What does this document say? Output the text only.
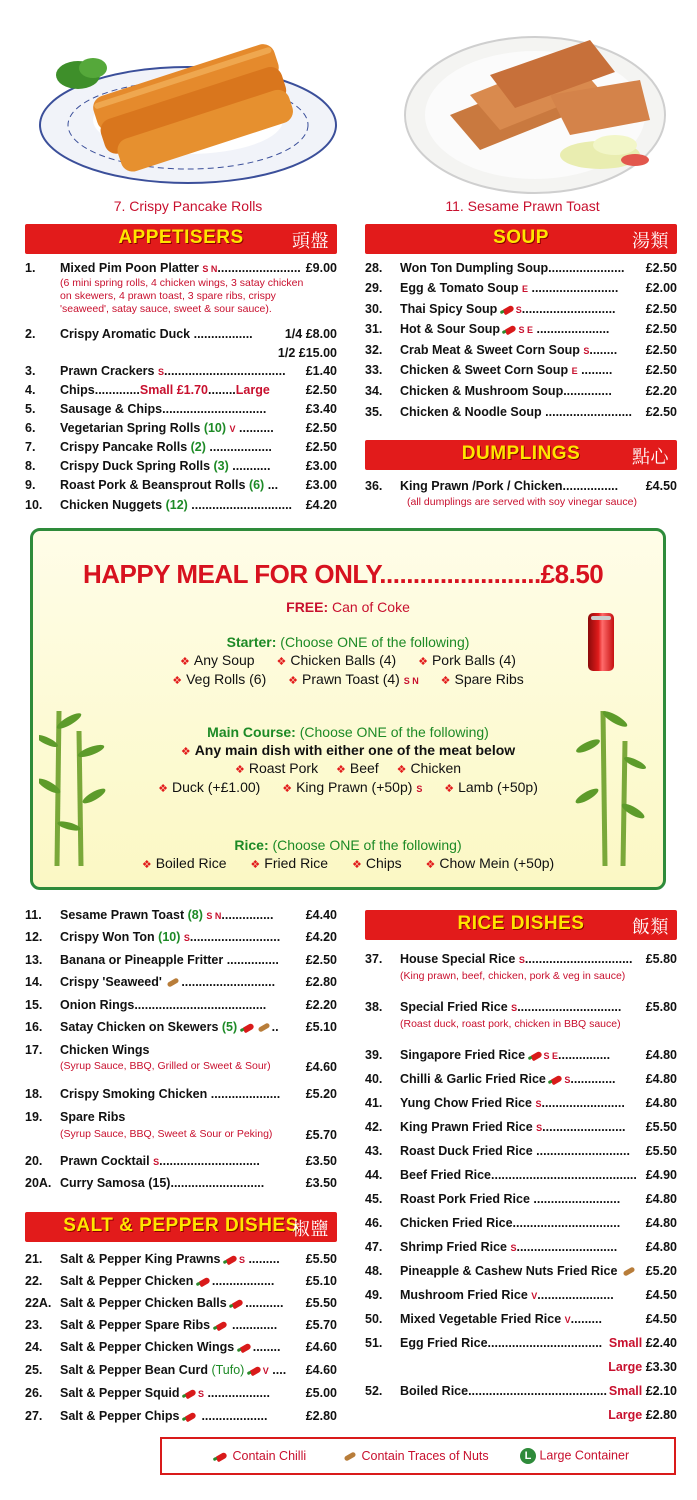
7. Crispy Pancake Rolls	11. Sesame Prawn Toast
APPETISERS	頭盤
1. Mixed Pim Poon Platter S N........................ £9.00
(6 mini spring rolls, 4 chicken wings, 3 satay chicken on skewers, 4 prawn toast, 3 spare ribs, crispy 'seaweed', satay sauce, sweet & sour sauce).
2. Crispy Aromatic Duck .................	1/4 £8.00
1/2 £15.00
3. Prawn Crackers S................................... £1.40
4. Chips.............Small £1.70........Large	£2.50
5. Sausage & Chips..............................	£3.40
6. Vegetarian Spring Rolls (10) V ..........	£2.50
7. Crispy Pancake Rolls (2) ..................	£2.50
8. Crispy Duck Spring Rolls (3) ...........	£3.00
9. Roast Pork & Beansprout Rolls (6) ... £3.00
10. Chicken Nuggets (12) ............................. £4.20
SOUP	湯類
28. Won Ton Dumpling Soup...................... £2.50
29. Egg & Tomato Soup E ......................... £2.00
30. Thai Spicy Soup S........................... £2.50
31. Hot & Sour Soup S E .....................	£2.50
32. Crab Meat & Sweet Corn Soup S........ £2.50
33. Chicken & Sweet Corn Soup E .........	£2.50
34. Chicken & Mushroom Soup..............	£2.20
35. Chicken & Noodle Soup ......................... £2.50
DUMPLINGS	點心
36. King Prawn /Pork / Chicken................ £4.50
(all dumplings are served with soy vinegar sauce)
HAPPY MEAL FOR ONLY........................£8.50
FREE: Can of Coke
Starter: (Choose ONE of the following)
❖ Any Soup ❖ Chicken Balls (4) ❖ Pork Balls (4)
❖ Veg Rolls (6) ❖ Prawn Toast (4) S N ❖ Spare Ribs
Main Course: (Choose ONE of the following)
❖ Any main dish with either one of the meat below
❖ Roast Pork ❖ Beef ❖ Chicken
❖ Duck (+£1.00) ❖ King Prawn (+50p) S ❖ Lamb (+50p)
Rice: (Choose ONE of the following)
❖ Boiled Rice ❖ Fried Rice ❖ Chips ❖ Chow Mein (+50p)
11. Sesame Prawn Toast (8) S N...............	£4.40
12. Crispy Won Ton (10) S.......................... £4.20
13. Banana or Pineapple Fritter ............... £2.50
14. Crispy 'Seaweed' ........................... £2.80
15. Onion Rings......................................	£2.20
16. Satay Chicken on Skewers (5)	.. £5.10
17. Chicken Wings
(Syrup Sauce, BBQ, Grilled or Sweet & Sour)	£4.60
18. Crispy Smoking Chicken .................... £5.20
19. Spare Ribs
(Syrup Sauce, BBQ, Sweet & Sour or Peking)	£5.70
20. Prawn Cocktail S.............................	£3.50
20A. Curry Samosa (15)...........................	£3.50
SALT & PEPPER DISHES
椒鹽
21. Salt & Pepper King Prawns S ......... £5.50
22. Salt & Pepper Chicken ..................	£5.10
22A. Salt & Pepper Chicken Balls ........... £5.50
23. Salt & Pepper Spare Ribs  ............. £5.70
24. Salt & Pepper Chicken Wings ........ £4.60
25. Salt & Pepper Bean Curd (Tufo) V .... £4.60
26. Salt & Pepper Squid S ..................	£5.00
27. Salt & Pepper Chips  ...................	£2.80
RICE DISHES	飯類
37. House Special Rice S............................... £5.80
(King prawn, beef, chicken, pork & veg in sauce)
38. Special Fried Rice S.............................. £5.80
(Roast duck, roast pork, chicken in BBQ sauce)
39. Singapore Fried Rice S E...............	£4.80
40. Chilli & Garlic Fried Rice S............. £4.80
41. Yung Chow Fried Rice S........................ £4.80
42. King Prawn Fried Rice S........................ £5.50
43. Roast Duck Fried Rice ........................... £5.50
44. Beef Fried Rice.......................................... £4.90
45. Roast Pork Fried Rice ......................... £4.80
46. Chicken Fried Rice............................... £4.80
47. Shrimp Fried Rice S............................. £4.80
48. Pineapple & Cashew Nuts Fried Rice	£5.20
49. Mushroom Fried Rice V......................	£4.50
50. Mixed Vegetable Fried Rice V.........	£4.50
51. Egg Fried Rice................................. Small £2.40
Large £3.30
52. Boiled Rice........................................ Small £2.10
Large £2.80
Contain Chilli	Contain Traces of Nuts	L Large Container
